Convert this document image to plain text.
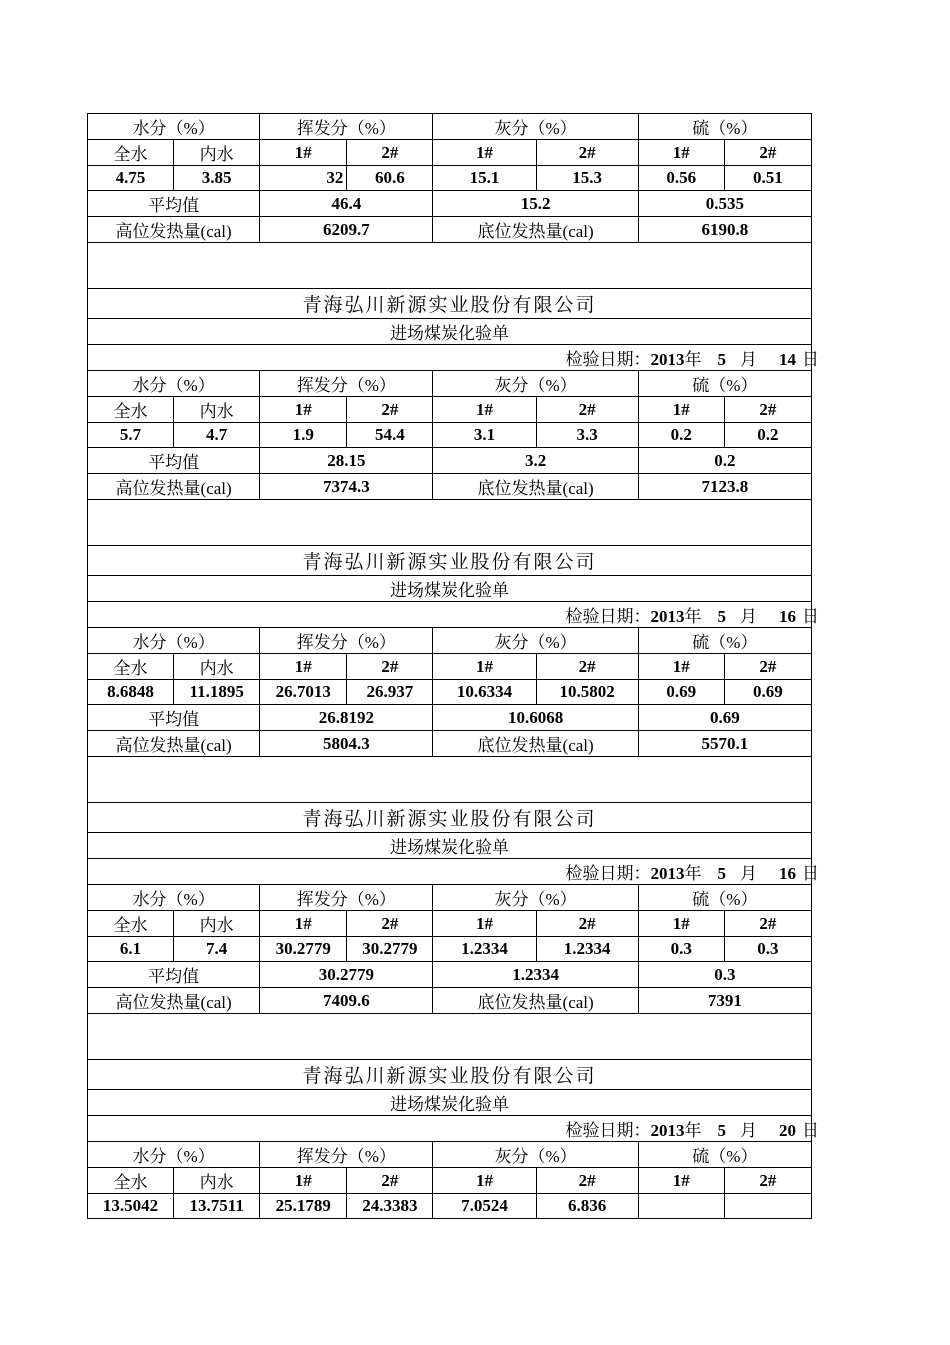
水分（%）		挥发分（%）		灰分（%）		硫（%）	
全水	内水	1#	2#	1#	2#	1#	2#
4.75	3.85	32	60.6	15.1	15.3	0.56	0.51
平均值		46.4		15.2		0.535	
高位发热量(cal)		6209.7		底位发热量(cal)		6190.8	

青海弘川新源实业股份有限公司							
进场煤炭化验单							
检验日期：2013年 5 月 14 日							
水分（%）		挥发分（%）		灰分（%）		硫（%）	
全水	内水	1#	2#	1#	2#	1#	2#
5.7	4.7	1.9	54.4	3.1	3.3	0.2	0.2
平均值		28.15		3.2		0.2	
高位发热量(cal)		7374.3		底位发热量(cal)		7123.8	

青海弘川新源实业股份有限公司							
进场煤炭化验单							
检验日期：2013年 5 月 16 日							
水分（%）		挥发分（%）		灰分（%）		硫（%）	
全水	内水	1#	2#	1#	2#	1#	2#
8.6848	11.1895	26.7013	26.937	10.6334	10.5802	0.69	0.69
平均值		26.8192		10.6068		0.69	
高位发热量(cal)		5804.3		底位发热量(cal)		5570.1	

青海弘川新源实业股份有限公司							
进场煤炭化验单							
检验日期：2013年 5 月 16 日							
水分（%）		挥发分（%）		灰分（%）		硫（%）	
全水	内水	1#	2#	1#	2#	1#	2#
6.1	7.4	30.2779	30.2779	1.2334	1.2334	0.3	0.3
平均值		30.2779		1.2334		0.3	
高位发热量(cal)		7409.6		底位发热量(cal)		7391	

青海弘川新源实业股份有限公司							
进场煤炭化验单							
检验日期：2013年 5 月 20 日							
水分（%）		挥发分（%）		灰分（%）		硫（%）	
全水	内水	1#	2#	1#	2#	1#	2#
13.5042	13.7511	25.1789	24.3383	7.0524	6.836		
